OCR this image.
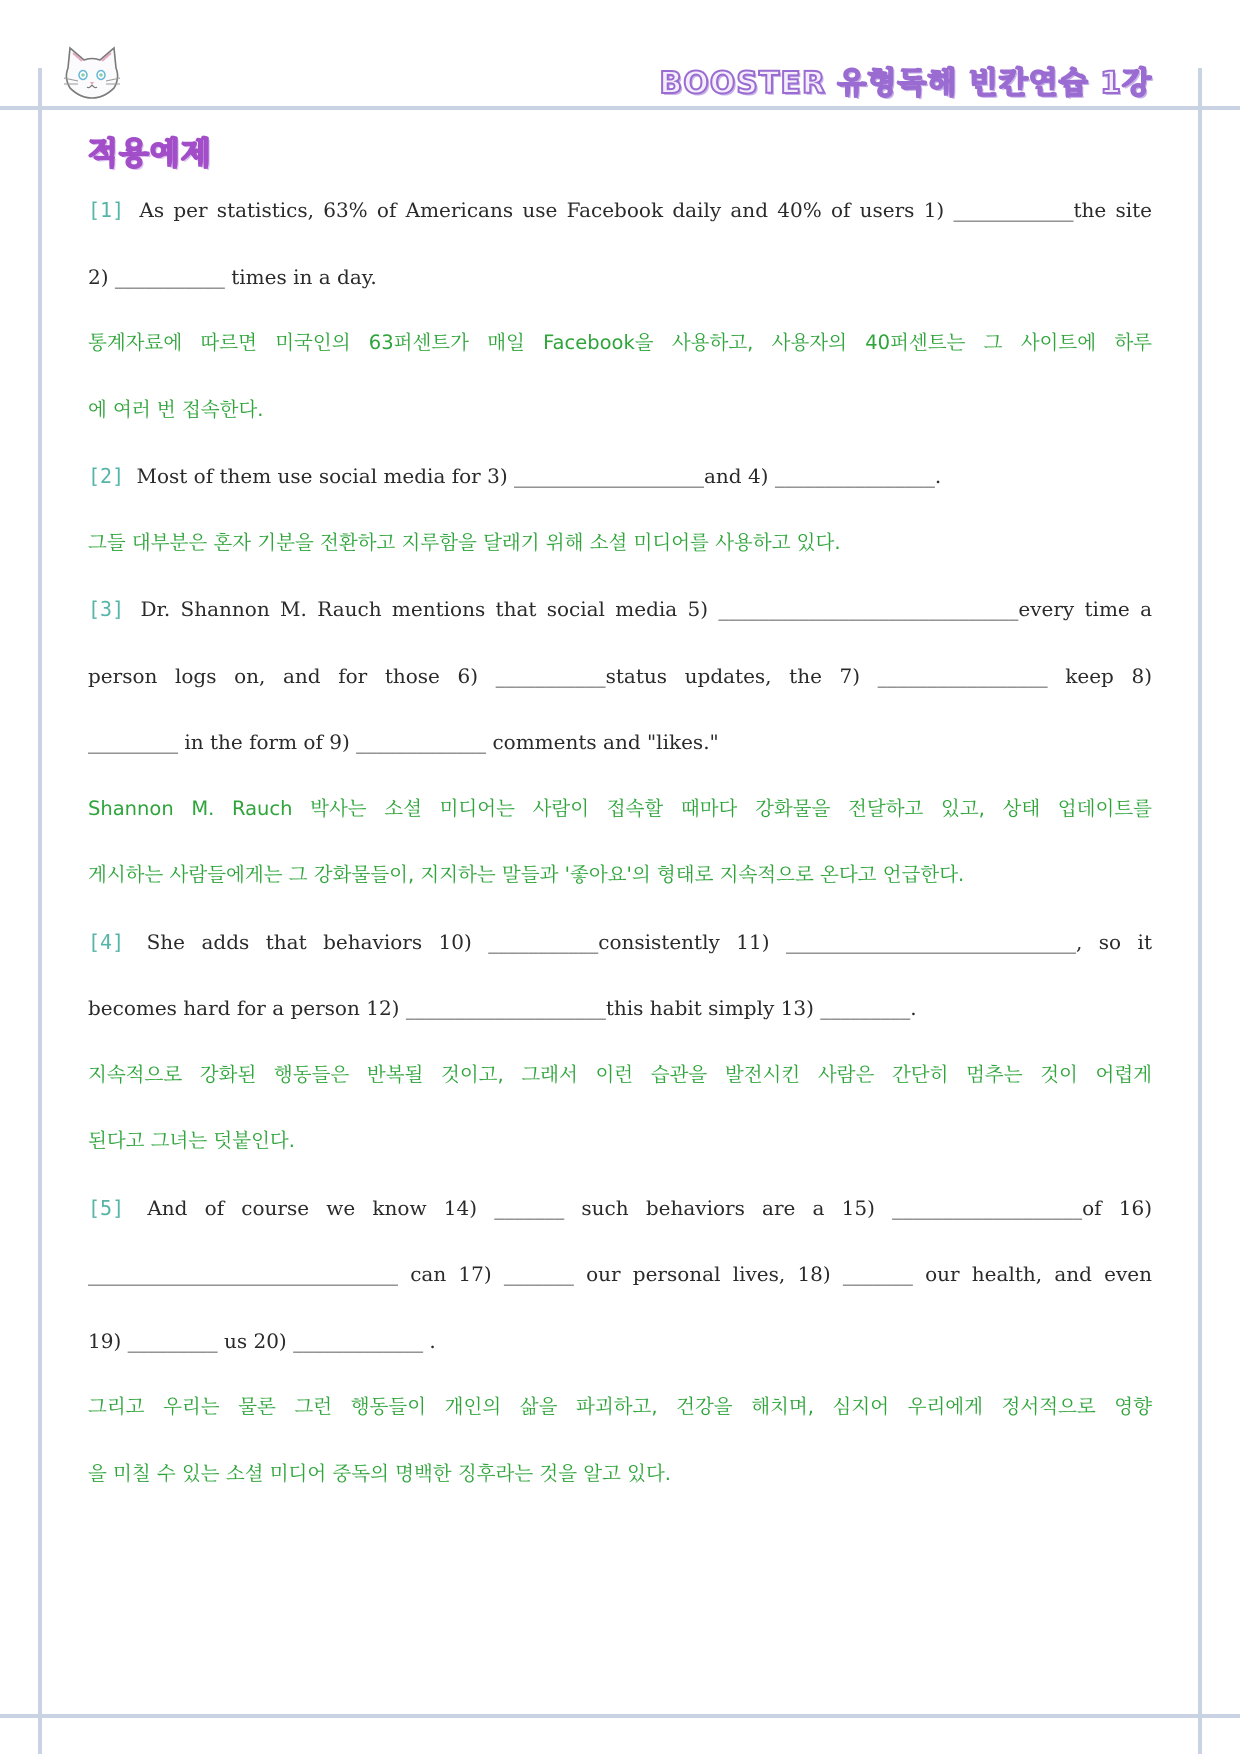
BOOSTER 유형독해 빈칸연습 1강
적용예제
[1] As per statistics, 63% of Americans use Facebook daily and 40% of users 1) ____________the site
2) ___________ times in a day.
통계자료에 따르면 미국인의 63퍼센트가 매일 Facebook을 사용하고, 사용자의 40퍼센트는 그 사이트에 하루
에 여러 번 접속한다.
[2] Most of them use social media for 3) ___________________and 4) ________________.
그들 대부분은 혼자 기분을 전환하고 지루함을 달래기 위해 소셜 미디어를 사용하고 있다.
[3] Dr. Shannon M. Rauch mentions that social media 5) ______________________________every time a
person logs on, and for those 6) ___________status updates, the 7) _________________ keep 8)
_________ in the form of 9) _____________ comments and "likes."
Shannon M. Rauch 박사는 소셜 미디어는 사람이 접속할 때마다 강화물을 전달하고 있고, 상태 업데이트를
게시하는 사람들에게는 그 강화물들이, 지지하는 말들과 '좋아요'의 형태로 지속적으로 온다고 언급한다.
[4] She adds that behaviors 10) ___________consistently 11) _____________________________, so it
becomes hard for a person 12) ____________________this habit simply 13) _________.
지속적으로 강화된 행동들은 반복될 것이고, 그래서 이런 습관을 발전시킨 사람은 간단히 멈추는 것이 어렵게
된다고 그녀는 덧붙인다.
[5] And of course we know 14) _______ such behaviors are a 15) ___________________of 16)
_______________________________ can 17) _______ our personal lives, 18) _______ our health, and even
19) _________ us 20) _____________ .
그리고 우리는 물론 그런 행동들이 개인의 삶을 파괴하고, 건강을 해치며, 심지어 우리에게 정서적으로 영향
을 미칠 수 있는 소셜 미디어 중독의 명백한 징후라는 것을 알고 있다.
